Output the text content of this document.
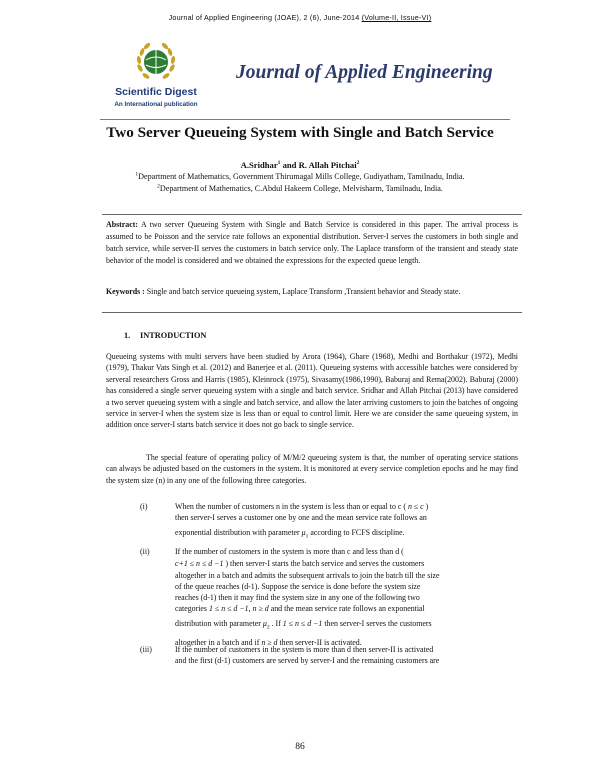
Journal of Applied Engineering (JOAE), 2 (6), June-2014 (Volume-II, Issue-VI)
Scientific Digest
An International publication
Journal of Applied Engineering
Two Server Queueing System with Single and Batch Service
A.Sridhar$^1$ and R. Allah Pitchai$^2$
$^1$Department of Mathematics, Government Thirumagal Mills College, Gudiyatham, Tamilnadu, India.
$^2$Department of Mathematics, C.Abdul Hakeem College, Melvisharm, Tamilnadu, India.
Abstract: A two server Queueing System with Single and Batch Service is considered in this paper. The arrival process is assumed to be Poisson and the service rate follows an exponential distribution. Server-I serves the customers in both single and batch service, while server-II serves the customers in batch service only. The Laplace transform of the transient and steady state behavior of the model is considered and we obtained the expressions for the expected queue length.
Keywords : Single and batch service queueing system, Laplace Transform ,Transient behavior and Steady state.
1. INTRODUCTION
Queueing systems with multi servers have been studied by Arora (1964), Ghare (1968), Medhi and Borthakur (1972), Medhi (1979), Thakur Vats Singh et al. (2012) and Banerjee et al. (2011). Queueing systems with accessible batches were considered by serveral researchers Gross and Harris (1985), Kleinrock (1975), Sivasamy(1986,1990), Baburaj and Rema(2002). Baburaj (2000) has considered a single server queueing system with a single and batch service. Sridhar and Allah Pitchai (2013) have considered a two server queueing system with a single and batch service, and allow the later arriving customers to join the batches of ongoing service in server-I when the system size is less than or equal to control limit. Here we are consider the same queueing system, in addition once server-I starts batch service it does not go back to single service.
The special feature of operating policy of M/M/2 queueing system is that, the number of operating service stations can always be adjusted based on the customers in the system. It is monitored at every service completion epochs and he may find the system size (n) in any one of the following three categories.
(i)	When the number of customers n in the system is less than or equal to c ( n ≤ c )
then server-I serves a customer one by one and the mean service rate follows an
exponential distribution with parameter $\mu_1$ according to FCFS discipline.
(ii)	If the number of customers in the system is more than c and less than d (
c+1 ≤ n ≤ d −1 ) then server-I starts the batch service and serves the customers
altogether in a batch and admits the subsequent arrivals to join the batch till the size
of the queue reaches (d-1). Suppose the service is done before the system size
reaches (d-1) then it may find the system size in any one of the following two
categories 1 ≤ n ≤ d −1, n ≥ d and the mean service rate follows an exponential
distribution with parameter $\mu_2$ . If 1 ≤ n ≤ d −1 then server-I serves the customers
altogether in a batch and if n ≥ d then server-II is activated.
(iii)	If the number of customers in the system is more than d then server-II is activated
and the first (d-1) customers are served by server-I and the remaining customers are
86
